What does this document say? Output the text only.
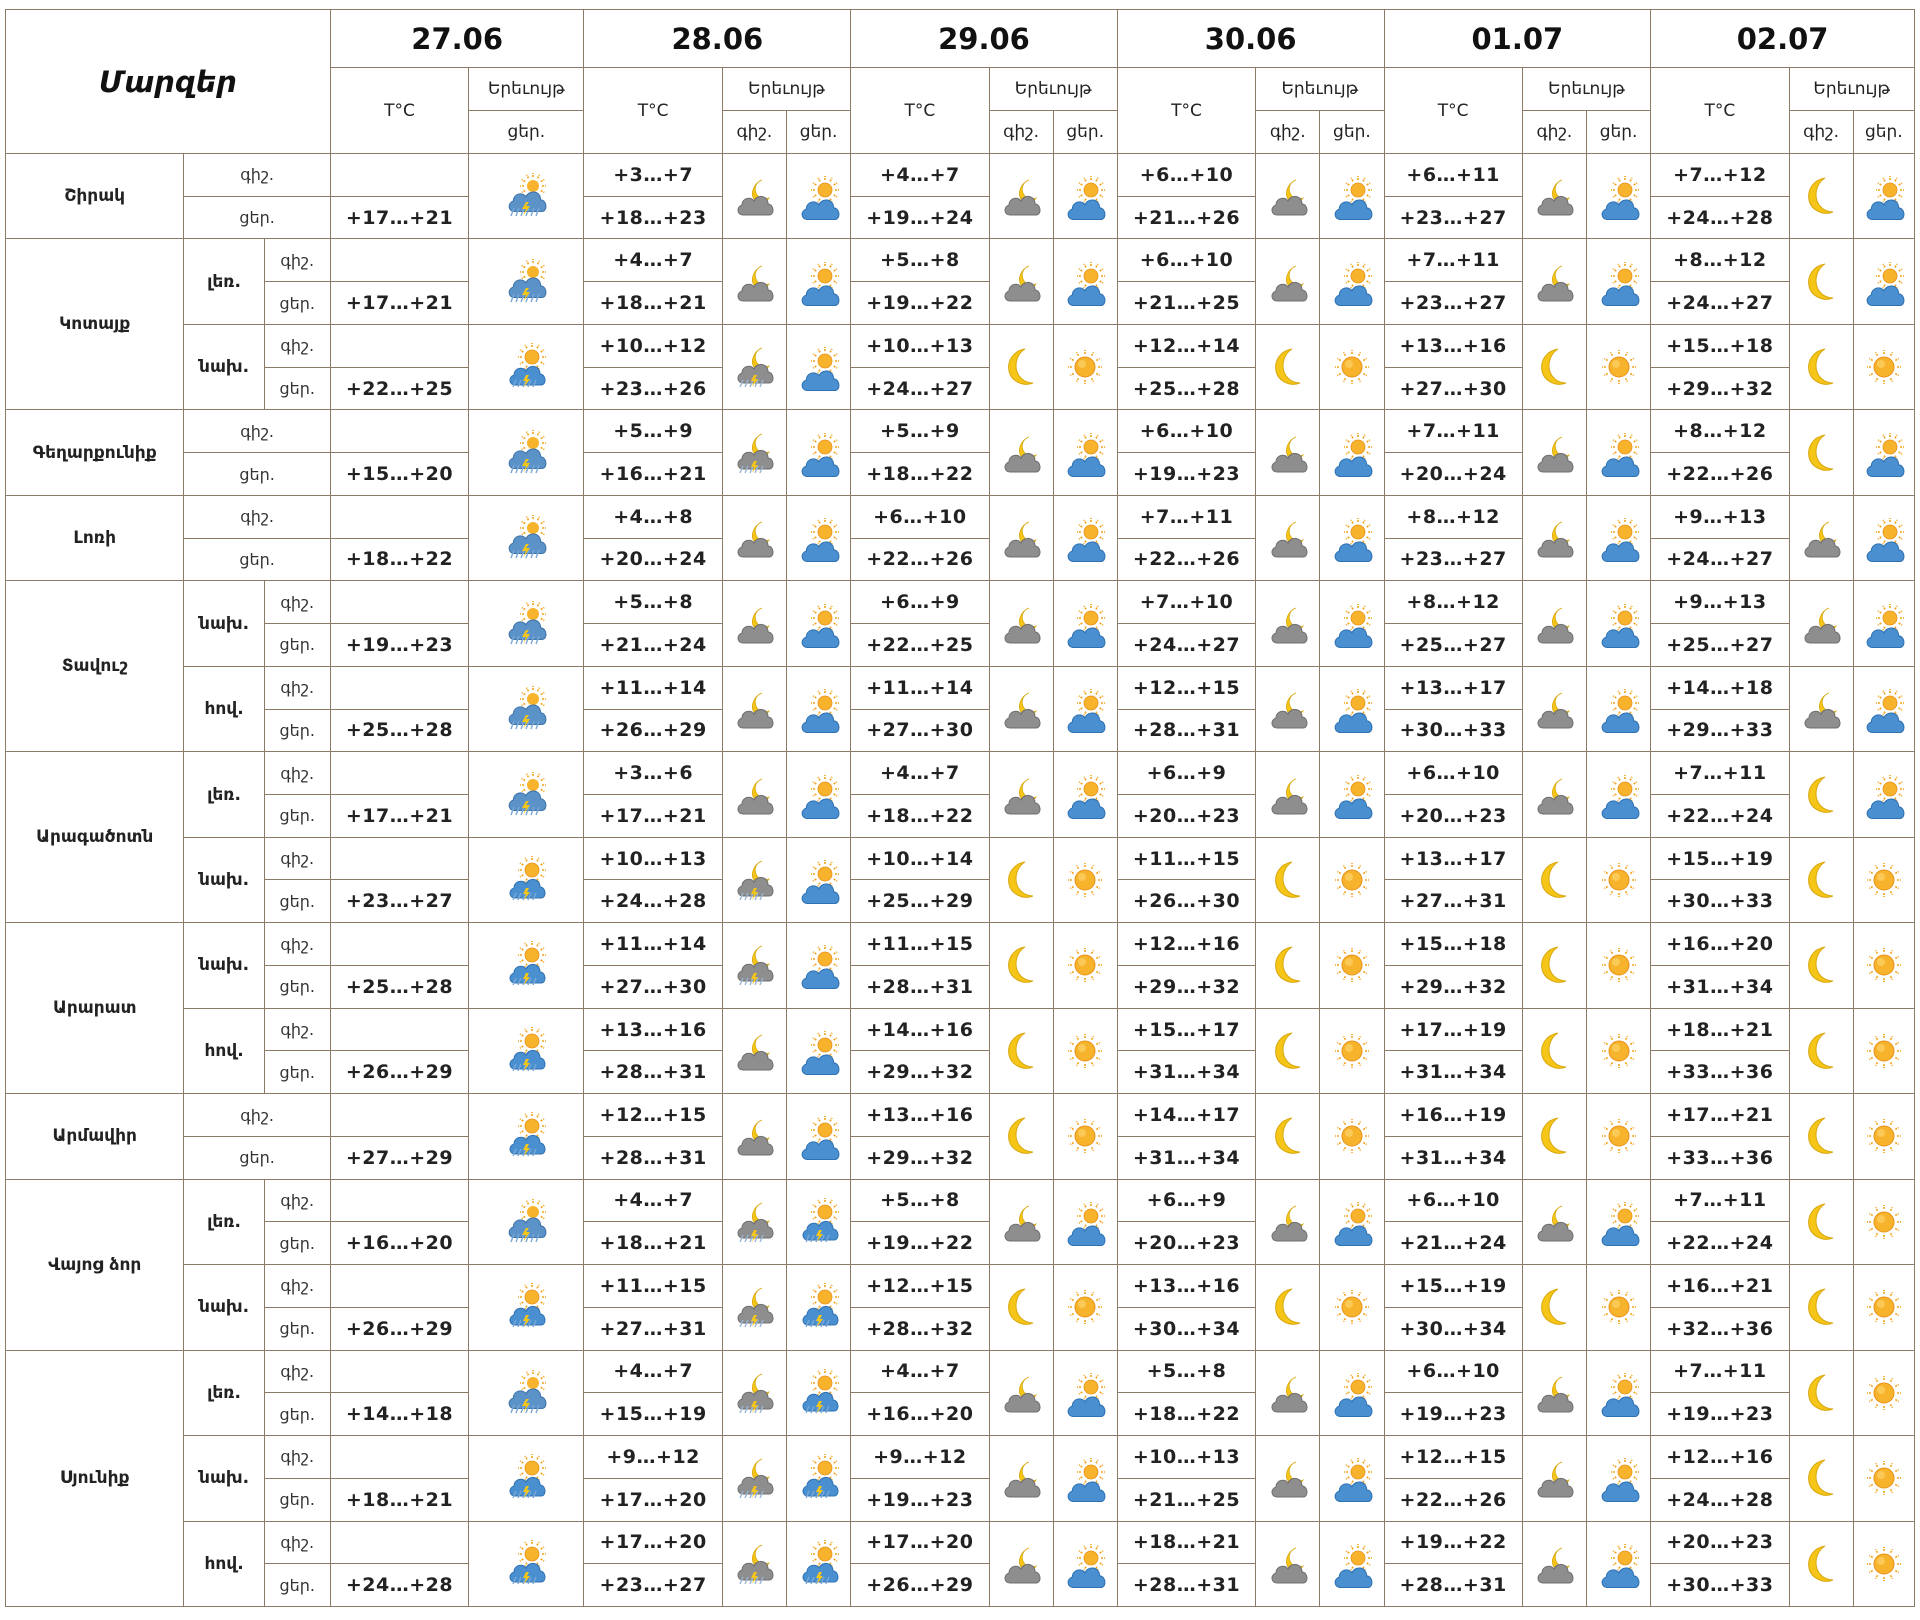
Մարզեր			27.06		28.06			29.06			30.06			01.07			02.07		
			T°C	Երեւույթ	T°C	Երեւույթ		T°C	Երեւույթ		T°C	Երեւույթ		T°C	Երեւույթ		T°C	Երեւույթ	
				ցեր.		գիշ.	ցեր.		գիշ.	ցեր.		գիշ.	ցեր.		գիշ.	ցեր.		գիշ.	ցեր.
Շիրակ	գիշ.				+3…+7			+4…+7			+6…+10			+6…+11			+7…+12	

	ցեր.		+17…+21		+18…+23			+19…+24			+21…+26			+23…+27			+24…+28		
Կոտայք	լեռ.	գիշ.			+4…+7			+5…+8			+6…+10			+7…+11			+8…+12	

		ցեր.	+17…+21		+18…+21			+19…+22			+21…+25			+23…+27			+24…+27		
	նախ.	գիշ.			+10…+12			+10…+13			+12…+14			+13…+16			+15…+18	

		ցեր.	+22…+25		+23…+26			+24…+27			+25…+28			+27…+30			+29…+32		
Գեղարքունիք	գիշ.				+5…+9			+5…+9			+6…+10			+7…+11			+8…+12	

	ցեր.		+15…+20		+16…+21			+18…+22			+19…+23			+20…+24			+22…+26		
Լոռի	գիշ.				+4…+8			+6…+10			+7…+11			+8…+12			+9…+13	

	ցեր.		+18…+22		+20…+24			+22…+26			+22…+26			+23…+27			+24…+27		
Տավուշ	նախ.	գիշ.			+5…+8			+6…+9			+7…+10			+8…+12			+9…+13	

		ցեր.	+19…+23		+21…+24			+22…+25			+24…+27			+25…+27			+25…+27		
	հով.	գիշ.			+11…+14			+11…+14			+12…+15			+13…+17			+14…+18	

		ցեր.	+25…+28		+26…+29			+27…+30			+28…+31			+30…+33			+29…+33		
Արագածոտն	լեռ.	գիշ.			+3…+6			+4…+7			+6…+9			+6…+10			+7…+11	

		ցեր.	+17…+21		+17…+21			+18…+22			+20…+23			+20…+23			+22…+24		
	նախ.	գիշ.			+10…+13			+10…+14			+11…+15			+13…+17			+15…+19	

		ցեր.	+23…+27		+24…+28			+25…+29			+26…+30			+27…+31			+30…+33		
Արարատ	նախ.	գիշ.			+11…+14			+11…+15			+12…+16			+15…+18			+16…+20	

		ցեր.	+25…+28		+27…+30			+28…+31			+29…+32			+29…+32			+31…+34		
	հով.	գիշ.			+13…+16			+14…+16			+15…+17			+17…+19			+18…+21	

		ցեր.	+26…+29		+28…+31			+29…+32			+31…+34			+31…+34			+33…+36		
Արմավիր	գիշ.				+12…+15			+13…+16			+14…+17			+16…+19			+17…+21	

	ցեր.		+27…+29		+28…+31			+29…+32			+31…+34			+31…+34			+33…+36		
Վայոց ձոր	լեռ.	գիշ.			+4…+7			+5…+8			+6…+9			+6…+10			+7…+11	

		ցեր.	+16…+20		+18…+21			+19…+22			+20…+23			+21…+24			+22…+24		
	նախ.	գիշ.			+11…+15			+12…+15			+13…+16			+15…+19			+16…+21	

		ցեր.	+26…+29		+27…+31			+28…+32			+30…+34			+30…+34			+32…+36		
Սյունիք	լեռ.	գիշ.			+4…+7			+4…+7			+5…+8			+6…+10			+7…+11	

		ցեր.	+14…+18		+15…+19			+16…+20			+18…+22			+19…+23			+19…+23		
	նախ.	գիշ.			+9…+12			+9…+12			+10…+13			+12…+15			+12…+16	

		ցեր.	+18…+21		+17…+20			+19…+23			+21…+25			+22…+26			+24…+28		
	հով.	գիշ.			+17…+20			+17…+20			+18…+21			+19…+22			+20…+23	

		ցեր.	+24…+28		+23…+27			+26…+29			+28…+31			+28…+31			+30…+33		
